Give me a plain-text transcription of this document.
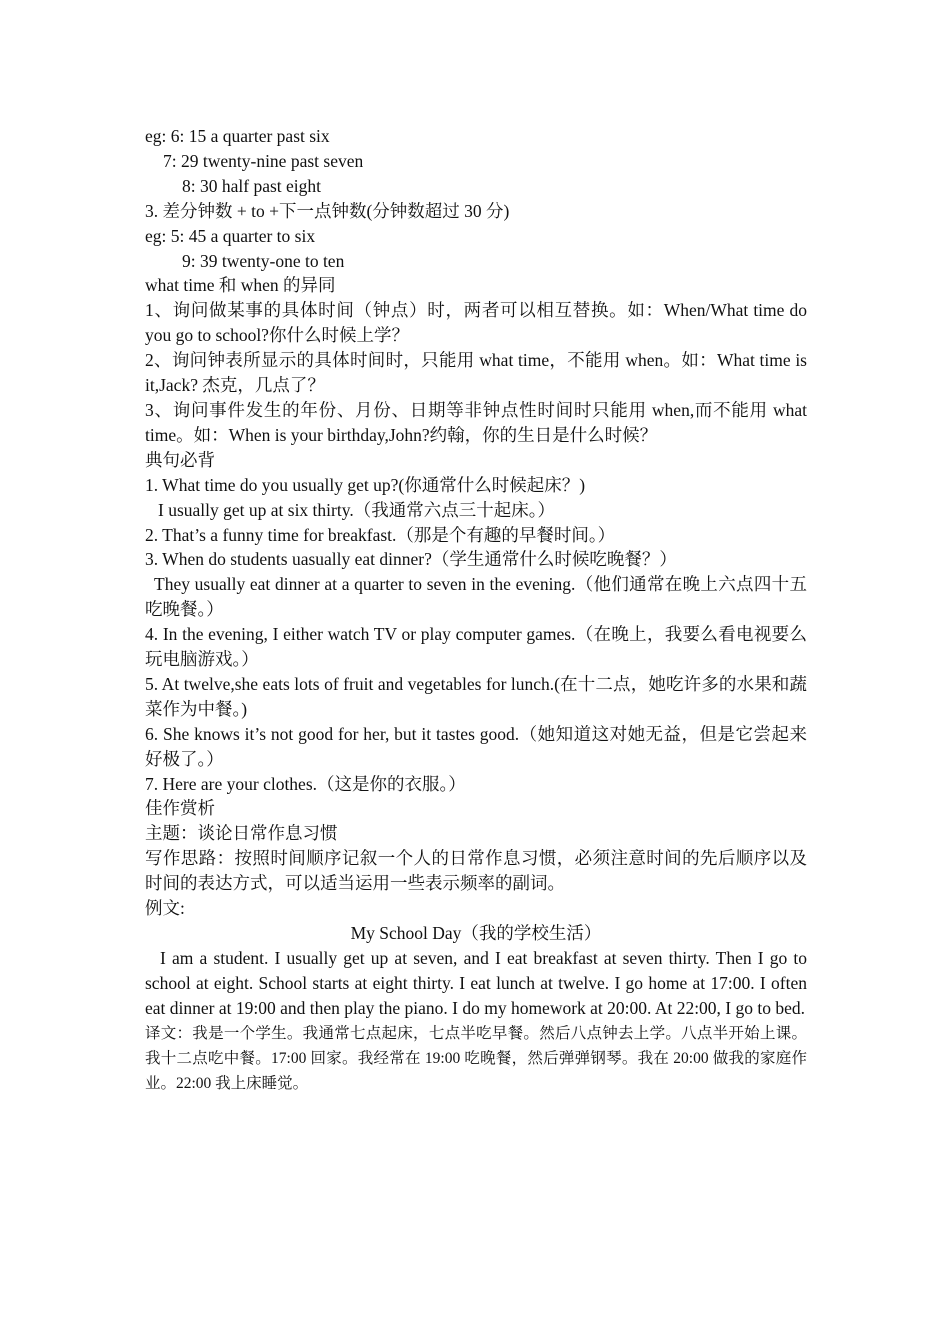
eg: 6: 15 a quarter past six
7: 29 twenty-nine past seven
8: 30 half past eight
3. 差分钟数 + to +下一点钟数(分钟数超过 30 分)
eg: 5: 45 a quarter to six
9: 39 twenty-one to ten
what time 和 when 的异同
1、询问做某事的具体时间（钟点）时，两者可以相互替换。如：When/What time do you go to school?你什么时候上学？
2、询问钟表所显示的具体时间时，只能用 what time，不能用 when。如：What time is it,Jack? 杰克，几点了？
3、询问事件发生的年份、月份、日期等非钟点性时间时只能用 when,而不能用 what time。如：When is your birthday,John?约翰，你的生日是什么时候？
典句必背
1. What time do you usually get up?(你通常什么时候起床？)
I usually get up at six thirty.（我通常六点三十起床。）
2. That’s a funny time for breakfast.（那是个有趣的早餐时间。）
3. When do students uasually eat dinner?（学生通常什么时候吃晚餐？）
They usually eat dinner at a quarter to seven in the evening.（他们通常在晚上六点四十五吃晚餐。）
4. In the evening, I either watch TV or play computer games.（在晚上，我要么看电视要么玩电脑游戏。）
5. At twelve,she eats lots of fruit and vegetables for lunch.(在十二点，她吃许多的水果和蔬菜作为中餐。)
6. She knows it’s not good for her, but it tastes good.（她知道这对她无益，但是它尝起来好极了。）
7. Here are your clothes.（这是你的衣服。）
佳作赏析
主题：谈论日常作息习惯
写作思路：按照时间顺序记叙一个人的日常作息习惯，必须注意时间的先后顺序以及时间的表达方式，可以适当运用一些表示频率的副词。
例文:
My School Day（我的学校生活）
I am a student. I usually get up at seven, and I eat breakfast at seven thirty. Then I go to school at eight. School starts at eight thirty. I eat lunch at twelve. I go home at 17:00. I often eat dinner at 19:00 and then play the piano. I do my homework at 20:00. At 22:00, I go to bed.
译文：我是一个学生。我通常七点起床，七点半吃早餐。然后八点钟去上学。八点半开始上课。我十二点吃中餐。17:00 回家。我经常在 19:00 吃晚餐，然后弹弹钢琴。我在 20:00 做我的家庭作业。22:00 我上床睡觉。
